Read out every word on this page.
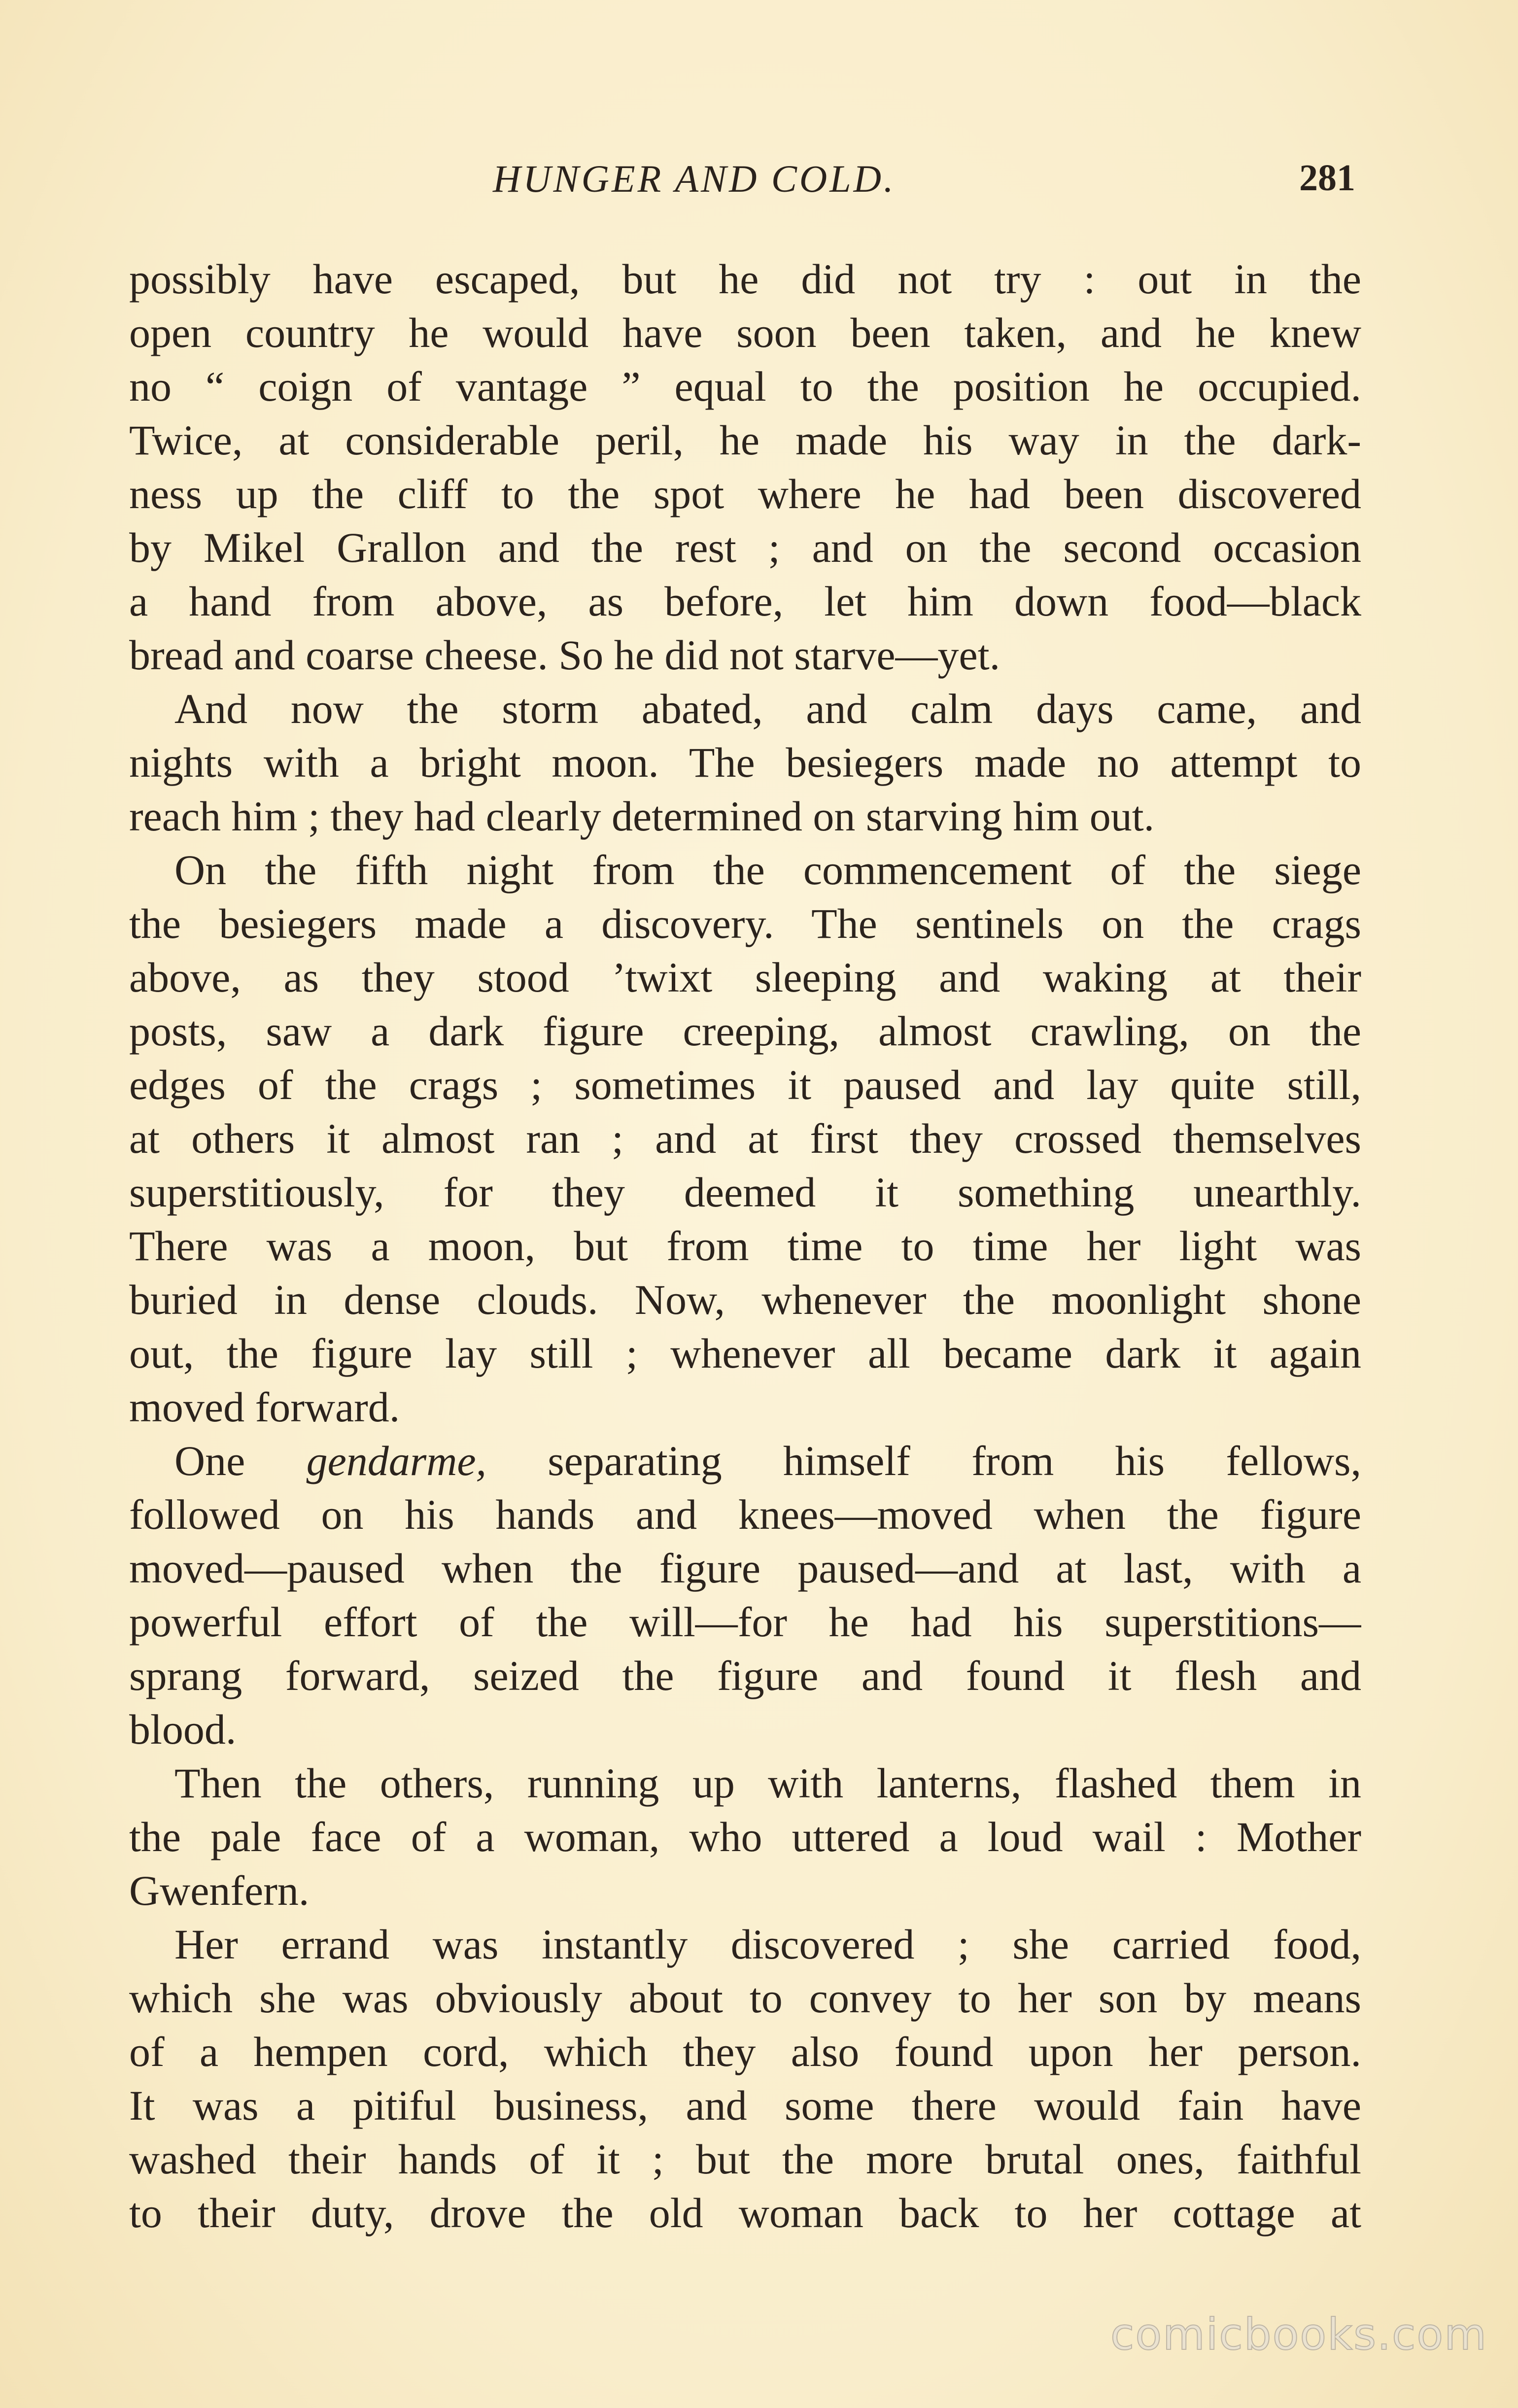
HUNGER AND COLD.	281
possibly have escaped, but he did not try : out in the
open country he would have soon been taken, and he knew
no “ coign of vantage ” equal to the position he occupied.
Twice, at considerable peril, he made his way in the dark-
ness up the cliff to the spot where he had been discovered
by Mikel Grallon and the rest ; and on the second occasion
a hand from above, as before, let him down food—black
bread and coarse cheese. So he did not starve—yet.
And now the storm abated, and calm days came, and
nights with a bright moon. The besiegers made no attempt to
reach him ; they had clearly determined on starving him out.
On the fifth night from the commencement of the siege
the besiegers made a discovery. The sentinels on the crags
above, as they stood ’twixt sleeping and waking at their
posts, saw a dark figure creeping, almost crawling, on the
edges of the crags ; sometimes it paused and lay quite still,
at others it almost ran ; and at first they crossed themselves
superstitiously, for they deemed it something unearthly.
There was a moon, but from time to time her light was
buried in dense clouds. Now, whenever the moonlight shone
out, the figure lay still ; whenever all became dark it again
moved forward.
One gendarme, separating himself from his fellows,
followed on his hands and knees—moved when the figure
moved—paused when the figure paused—and at last, with a
powerful effort of the will—for he had his superstitions—
sprang forward, seized the figure and found it flesh and
blood.
Then the others, running up with lanterns, flashed them in
the pale face of a woman, who uttered a loud wail : Mother
Gwenfern.
Her errand was instantly discovered ; she carried food,
which she was obviously about to convey to her son by means
of a hempen cord, which they also found upon her person.
It was a pitiful business, and some there would fain have
washed their hands of it ; but the more brutal ones, faithful
to their duty, drove the old woman back to her cottage at
comicbooks.com
